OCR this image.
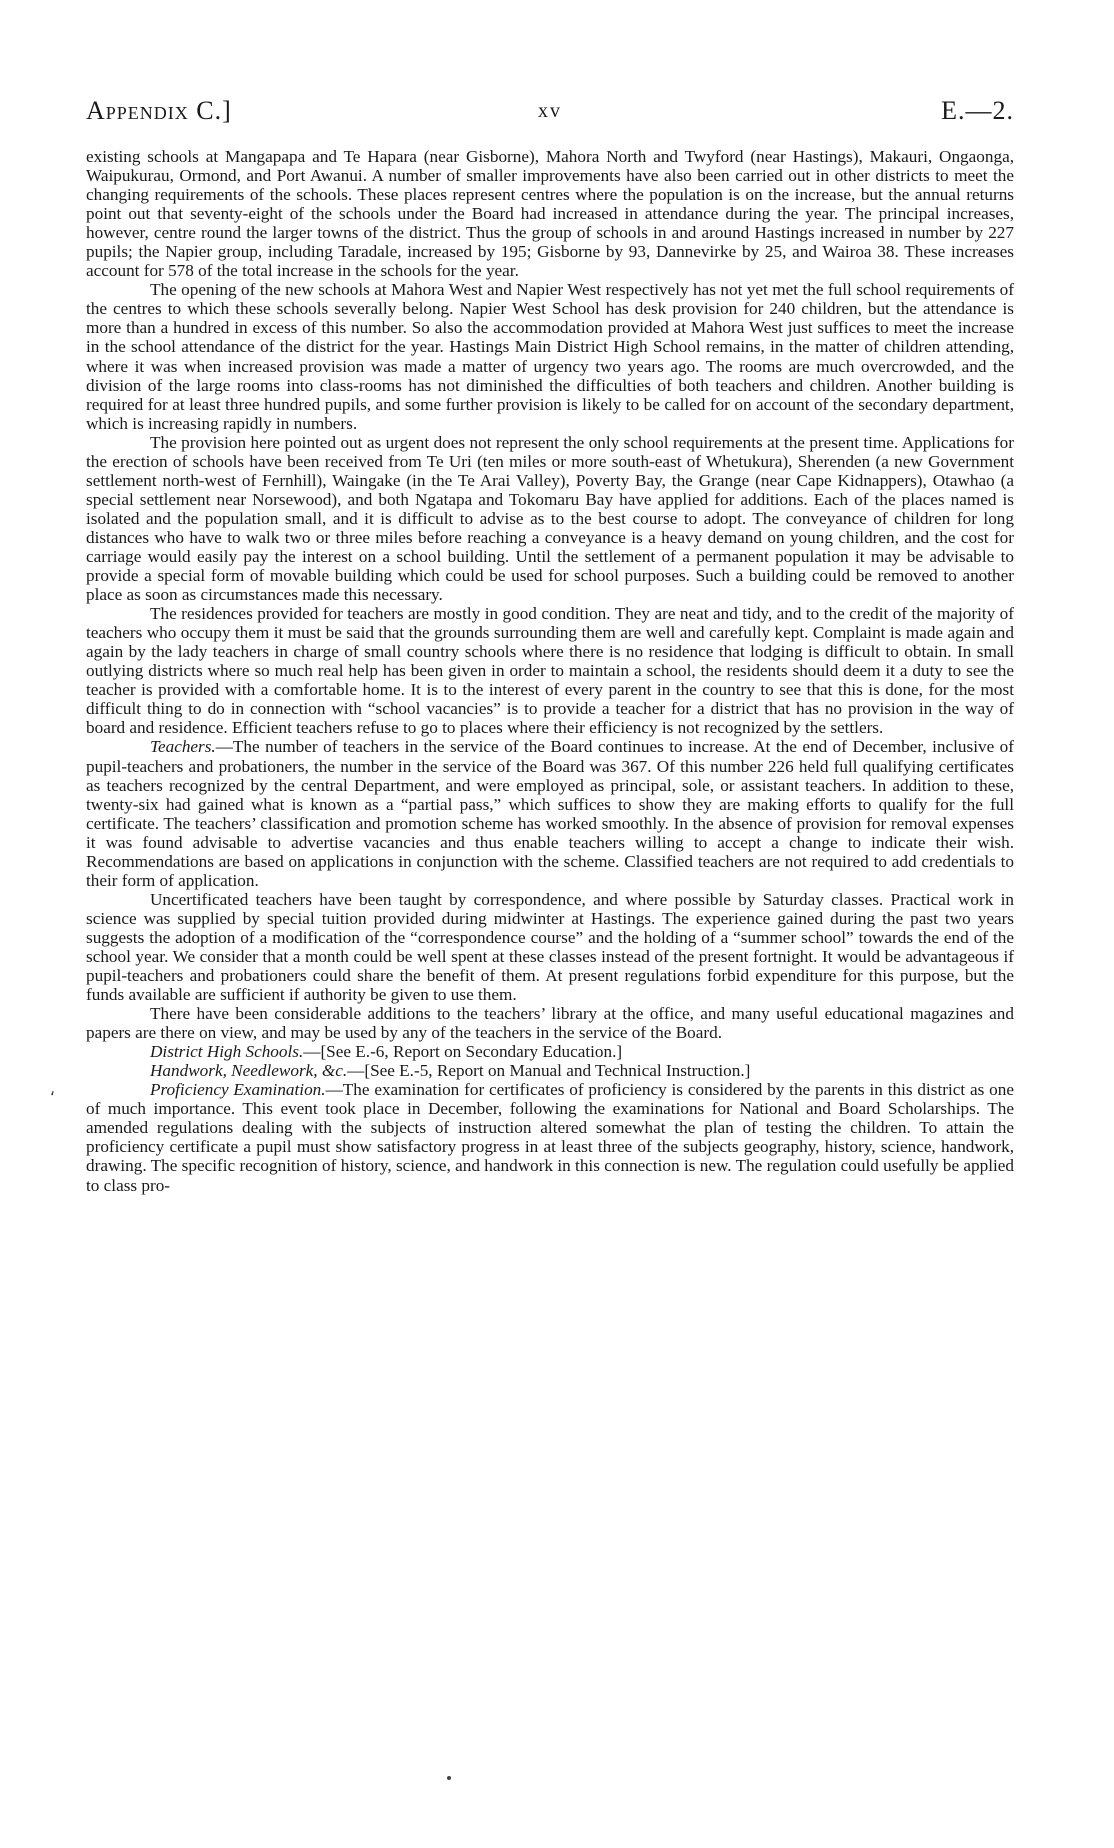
Appendix C.]	xv	E.—2.

existing schools at Mangapapa and Te Hapara (near Gisborne), Mahora North and Twyford (near Hastings), Makauri, Ongaonga, Waipukurau, Ormond, and Port Awanui. A number of smaller improvements have also been carried out in other districts to meet the changing requirements of the schools. These places represent centres where the population is on the increase, but the annual returns point out that seventy-eight of the schools under the Board had increased in attendance during the year. The principal increases, however, centre round the larger towns of the district. Thus the group of schools in and around Hastings increased in number by 227 pupils; the Napier group, including Taradale, increased by 195; Gisborne by 93, Dannevirke by 25, and Wairoa 38. These increases account for 578 of the total increase in the schools for the year.

The opening of the new schools at Mahora West and Napier West respectively has not yet met the full school requirements of the centres to which these schools severally belong. Napier West School has desk provision for 240 children, but the attendance is more than a hundred in excess of this number. So also the accommodation provided at Mahora West just suffices to meet the increase in the school attendance of the district for the year. Hastings Main District High School remains, in the matter of children attending, where it was when increased provision was made a matter of urgency two years ago. The rooms are much overcrowded, and the division of the large rooms into class-rooms has not diminished the difficulties of both teachers and children. Another building is required for at least three hundred pupils, and some further provision is likely to be called for on account of the secondary department, which is increasing rapidly in numbers.

The provision here pointed out as urgent does not represent the only school requirements at the present time. Applications for the erection of schools have been received from Te Uri (ten miles or more south-east of Whetukura), Sherenden (a new Government settlement north-west of Fernhill), Waingake (in the Te Arai Valley), Poverty Bay, the Grange (near Cape Kidnappers), Otawhao (a special settlement near Norsewood), and both Ngatapa and Tokomaru Bay have applied for additions. Each of the places named is isolated and the population small, and it is difficult to advise as to the best course to adopt. The conveyance of children for long distances who have to walk two or three miles before reaching a conveyance is a heavy demand on young children, and the cost for carriage would easily pay the interest on a school building. Until the settlement of a permanent population it may be advisable to provide a special form of movable building which could be used for school purposes. Such a building could be removed to another place as soon as circumstances made this necessary.

The residences provided for teachers are mostly in good condition. They are neat and tidy, and to the credit of the majority of teachers who occupy them it must be said that the grounds surrounding them are well and carefully kept. Complaint is made again and again by the lady teachers in charge of small country schools where there is no residence that lodging is difficult to obtain. In small outlying districts where so much real help has been given in order to maintain a school, the residents should deem it a duty to see the teacher is provided with a comfortable home. It is to the interest of every parent in the country to see that this is done, for the most difficult thing to do in connection with “school vacancies” is to provide a teacher for a district that has no provision in the way of board and residence. Efficient teachers refuse to go to places where their efficiency is not recognized by the settlers.

Teachers.—The number of teachers in the service of the Board continues to increase. At the end of December, inclusive of pupil-teachers and probationers, the number in the service of the Board was 367. Of this number 226 held full qualifying certificates as teachers recognized by the central Department, and were employed as principal, sole, or assistant teachers. In addition to these, twenty-six had gained what is known as a “partial pass,” which suffices to show they are making efforts to qualify for the full certificate. The teachers’ classification and promotion scheme has worked smoothly. In the absence of provision for removal expenses it was found advisable to advertise vacancies and thus enable teachers willing to accept a change to indicate their wish. Recommendations are based on applications in conjunction with the scheme. Classified teachers are not required to add credentials to their form of application.

Uncertificated teachers have been taught by correspondence, and where possible by Saturday classes. Practical work in science was supplied by special tuition provided during midwinter at Hastings. The experience gained during the past two years suggests the adoption of a modification of the “correspondence course” and the holding of a “summer school” towards the end of the school year. We consider that a month could be well spent at these classes instead of the present fortnight. It would be advantageous if pupil-teachers and probationers could share the benefit of them. At present regulations forbid expenditure for this purpose, but the funds available are sufficient if authority be given to use them.

There have been considerable additions to the teachers’ library at the office, and many useful educational magazines and papers are there on view, and may be used by any of the teachers in the service of the Board.

District High Schools.—[See E.-6, Report on Secondary Education.]

Handwork, Needlework, &c.—[See E.-5, Report on Manual and Technical Instruction.]

Proficiency Examination.—The examination for certificates of proficiency is considered by the parents in this district as one of much importance. This event took place in December, following the examinations for National and Board Scholarships. The amended regulations dealing with the subjects of instruction altered somewhat the plan of testing the children. To attain the proficiency certificate a pupil must show satisfactory progress in at least three of the subjects geography, history, science, handwork, drawing. The specific recognition of history, science, and handwork in this connection is new. The regulation could usefully be applied to class pro-

⸲
